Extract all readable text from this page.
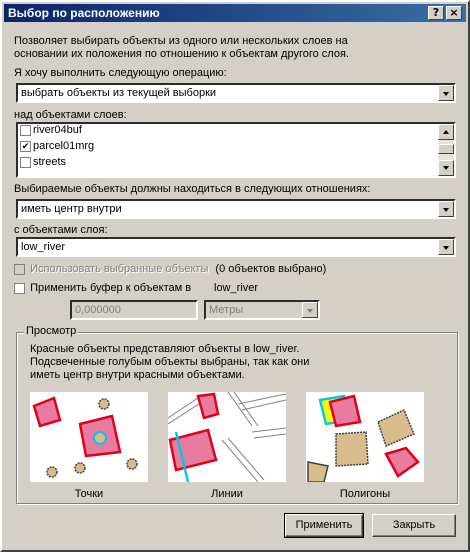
Выбор по расположению	? ×
Позволяет выбирать объекты из одного или нескольких слоев на основании их положения по отношению к объектам другого слоя.
Я хочу выполнить следующую операцию:
выбрать объекты из текущей выборки
над объектами слоев:
river04buf
✔ parcel01mrg
streets
Выбираемые объекты должны находиться в следующих отношениях:
иметь центр внутри
с объектами слоя:
low_river
Использовать выбранные объекты (0 объектов выбрано)
Применить буфер к объектам в low_river
0,000000	Метры
Просмотр
Красные объекты представляют объекты в low_river.
Подсвеченные голубым объекты выбраны, так как они
иметь центр внутри красными объектами.
Точки	Линии	Полигоны
Применить	Закрыть
